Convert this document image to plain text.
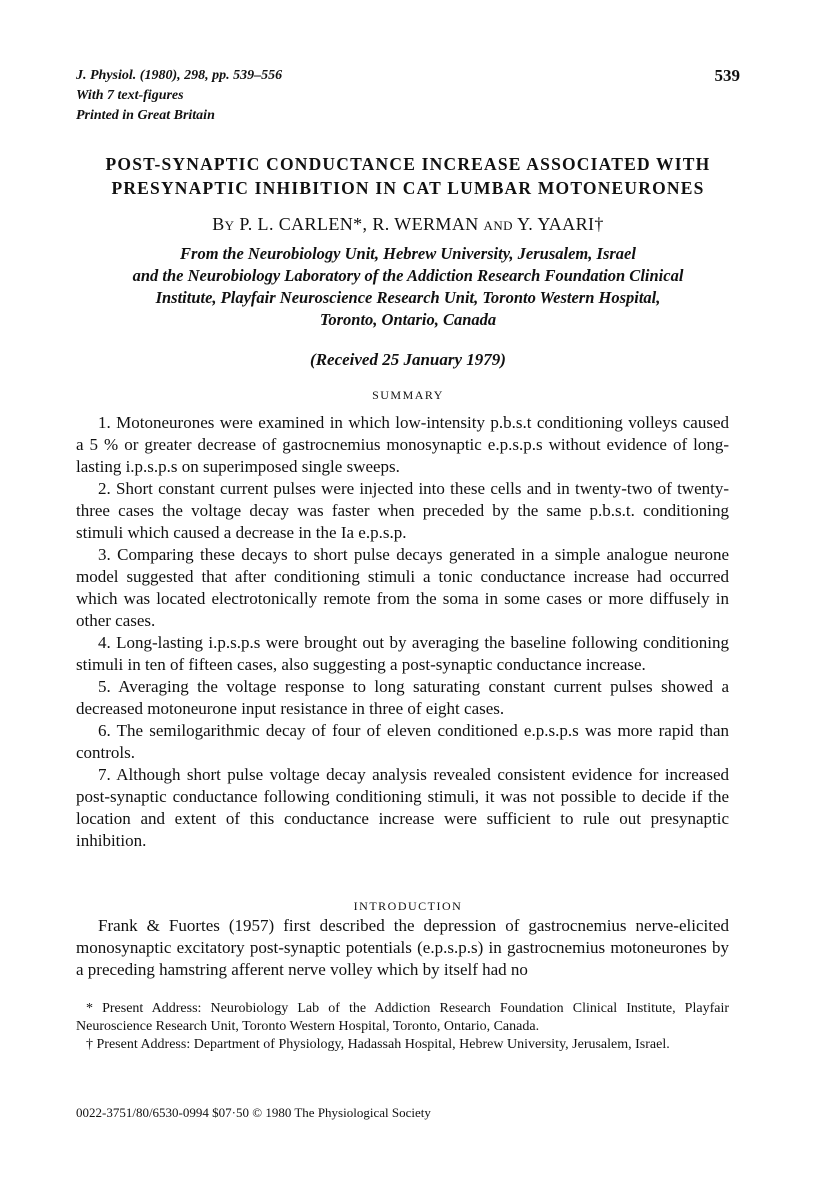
J. Physiol. (1980), 298, pp. 539–556
With 7 text-figures
Printed in Great Britain
539
POST-SYNAPTIC CONDUCTANCE INCREASE ASSOCIATED WITH
PRESYNAPTIC INHIBITION IN CAT LUMBAR MOTONEURONES
By P. L. CARLEN*, R. WERMAN and Y. YAARI†
From the Neurobiology Unit, Hebrew University, Jerusalem, Israel
and the Neurobiology Laboratory of the Addiction Research Foundation Clinical
Institute, Playfair Neuroscience Research Unit, Toronto Western Hospital,
Toronto, Ontario, Canada
(Received 25 January 1979)
SUMMARY

1. Motoneurones were examined in which low-intensity p.b.s.t conditioning volleys caused a 5 % or greater decrease of gastrocnemius monosynaptic e.p.s.p.s without evidence of long-lasting i.p.s.p.s on superimposed single sweeps.

2. Short constant current pulses were injected into these cells and in twenty-two of twenty-three cases the voltage decay was faster when preceded by the same p.b.s.t. conditioning stimuli which caused a decrease in the Ia e.p.s.p.

3. Comparing these decays to short pulse decays generated in a simple analogue neurone model suggested that after conditioning stimuli a tonic conductance increase had occurred which was located electrotonically remote from the soma in some cases or more diffusely in other cases.

4. Long-lasting i.p.s.p.s were brought out by averaging the baseline following conditioning stimuli in ten of fifteen cases, also suggesting a post-synaptic conductance increase.

5. Averaging the voltage response to long saturating constant current pulses showed a decreased motoneurone input resistance in three of eight cases.

6. The semilogarithmic decay of four of eleven conditioned e.p.s.p.s was more rapid than controls.

7. Although short pulse voltage decay analysis revealed consistent evidence for increased post-synaptic conductance following conditioning stimuli, it was not possible to decide if the location and extent of this conductance increase were sufficient to rule out presynaptic inhibition.

INTRODUCTION

Frank & Fuortes (1957) first described the depression of gastrocnemius nerve-elicited monosynaptic excitatory post-synaptic potentials (e.p.s.p.s) in gastrocnemius motoneurones by a preceding hamstring afferent nerve volley which by itself had no

* Present Address: Neurobiology Lab of the Addiction Research Foundation Clinical Institute, Playfair Neuroscience Research Unit, Toronto Western Hospital, Toronto, Ontario, Canada.

† Present Address: Department of Physiology, Hadassah Hospital, Hebrew University, Jerusalem, Israel.

0022-3751/80/6530-0994 $07·50 © 1980 The Physiological Society
